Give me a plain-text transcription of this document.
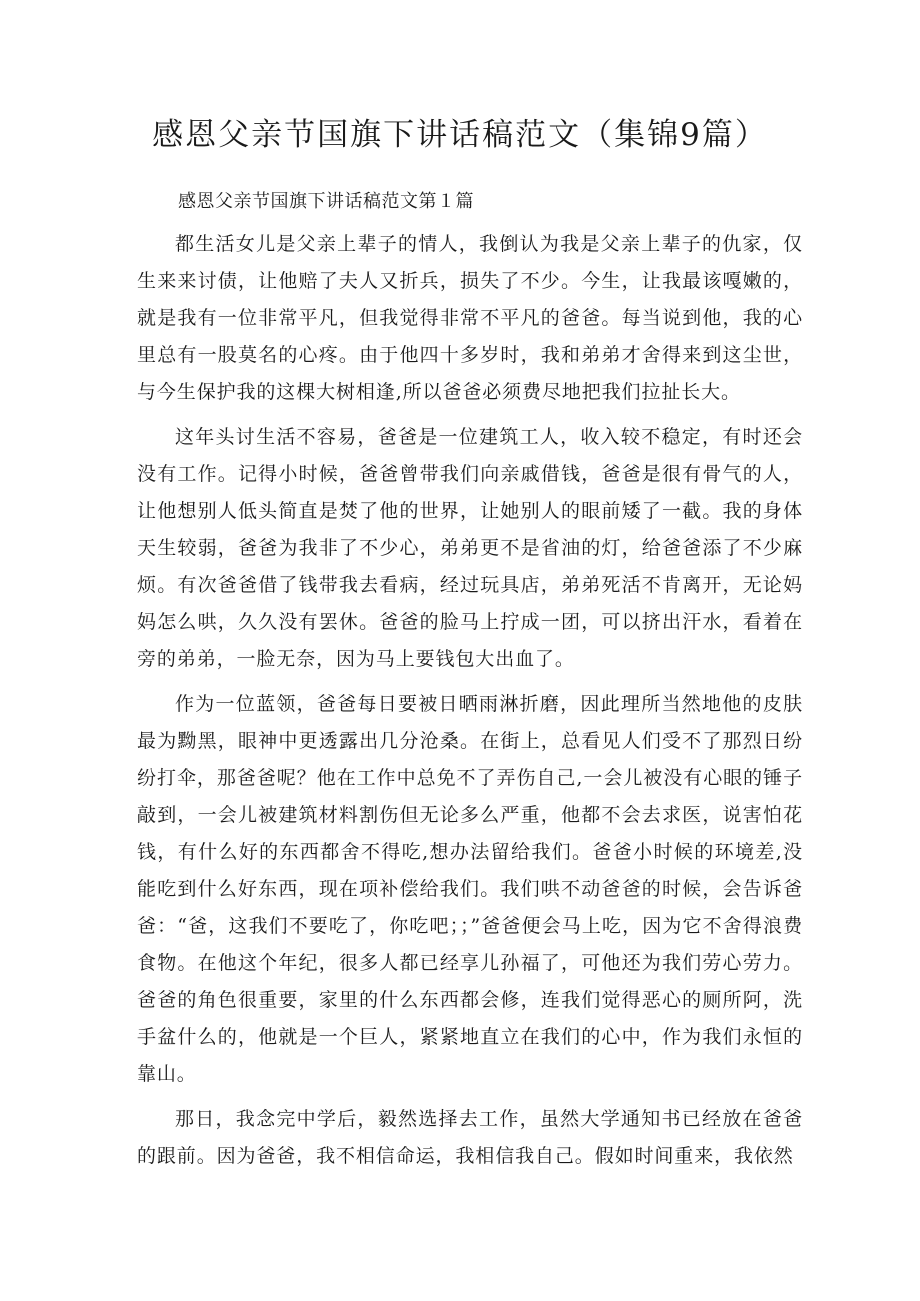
感恩父亲节国旗下讲话稿范文（集锦9篇）

感恩父亲节国旗下讲话稿范文第１篇

都生活女儿是父亲上辈子的情人，我倒认为我是父亲上辈子的仇家，仅生来来讨债，让他赔了夫人又折兵，损失了不少。今生，让我最该嘎嫩的，就是我有一位非常平凡，但我觉得非常不平凡的爸爸。每当说到他，我的心里总有一股莫名的心疼。由于他四十多岁时，我和弟弟才舍得来到这尘世，与今生保护我的这棵大树相逢,所以爸爸必须费尽地把我们拉扯长大。

这年头讨生活不容易，爸爸是一位建筑工人，收入较不稳定，有时还会没有工作。记得小时候，爸爸曾带我们向亲戚借钱，爸爸是很有骨气的人，让他想别人低头简直是焚了他的世界，让她别人的眼前矮了一截。我的身体天生较弱，爸爸为我非了不少心，弟弟更不是省油的灯，给爸爸添了不少麻烦。有次爸爸借了钱带我去看病，经过玩具店，弟弟死活不肯离开，无论妈妈怎么哄，久久没有罢休。爸爸的脸马上拧成一团，可以挤出汗水，看着在旁的弟弟，一脸无奈，因为马上要钱包大出血了。

作为一位蓝领，爸爸每日要被日晒雨淋折磨，因此理所当然地他的皮肤最为黝黑，眼神中更透露出几分沧桑。在街上，总看见人们受不了那烈日纷纷打伞，那爸爸呢？他在工作中总免不了弄伤自己,一会儿被没有心眼的锤子敲到，一会儿被建筑材料割伤但无论多么严重，他都不会去求医，说害怕花钱，有什么好的东西都舍不得吃,想办法留给我们。爸爸小时候的环境差,没能吃到什么好东西，现在项补偿给我们。我们哄不动爸爸的时候，会告诉爸爸：“爸，这我们不要吃了，你吃吧；；”爸爸便会马上吃，因为它不舍得浪费食物。在他这个年纪，很多人都已经享儿孙福了，可他还为我们劳心劳力。爸爸的角色很重要，家里的什么东西都会修，连我们觉得恶心的厕所阿，洗手盆什么的，他就是一个巨人，紧紧地直立在我们的心中，作为我们永恒的靠山。

那日，我念完中学后，毅然选择去工作，虽然大学通知书已经放在爸爸的跟前。因为爸爸，我不相信命运，我相信我自己。假如时间重来，我依然
